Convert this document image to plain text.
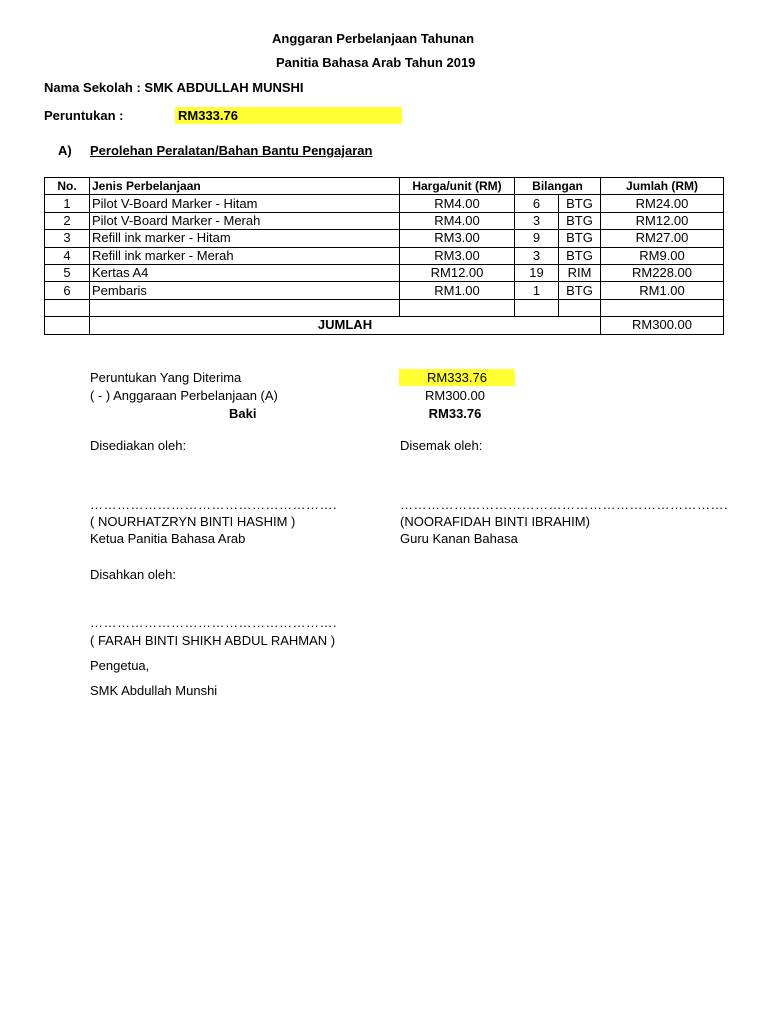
Anggaran Perbelanjaan Tahunan
Panitia Bahasa Arab Tahun 2019
Nama Sekolah : SMK ABDULLAH MUNSHI
Peruntukan :	RM333.76
A) Perolehan Peralatan/Bahan Bantu Pengajaran
No.	Jenis Perbelanjaan	Harga/unit (RM)	Bilangan		Jumlah (RM)
1	Pilot V-Board Marker - Hitam	RM4.00	6	BTG	RM24.00
2	Pilot V-Board Marker - Merah	RM4.00	3	BTG	RM12.00
3	Refill ink marker - Hitam	RM3.00	9	BTG	RM27.00
4	Refill ink marker - Merah	RM3.00	3	BTG	RM9.00
5	Kertas A4	RM12.00	19	RIM	RM228.00
6	Pembaris	RM1.00	1	BTG	RM1.00

	JUMLAH				RM300.00
Peruntukan Yang Diterima	RM333.76
( - ) Anggaraan Perbelanjaan (A)	RM300.00
Baki	RM33.76
Disediakan oleh:	Disemak oleh:
……………………………………………….	……………………………………………………………….
( NOURHATZRYN BINTI HASHIM )	(NOORAFIDAH BINTI IBRAHIM)
Ketua Panitia Bahasa Arab	Guru Kanan Bahasa
Disahkan oleh:
……………………………………………….
( FARAH BINTI SHIKH ABDUL RAHMAN )
Pengetua,
SMK Abdullah Munshi
